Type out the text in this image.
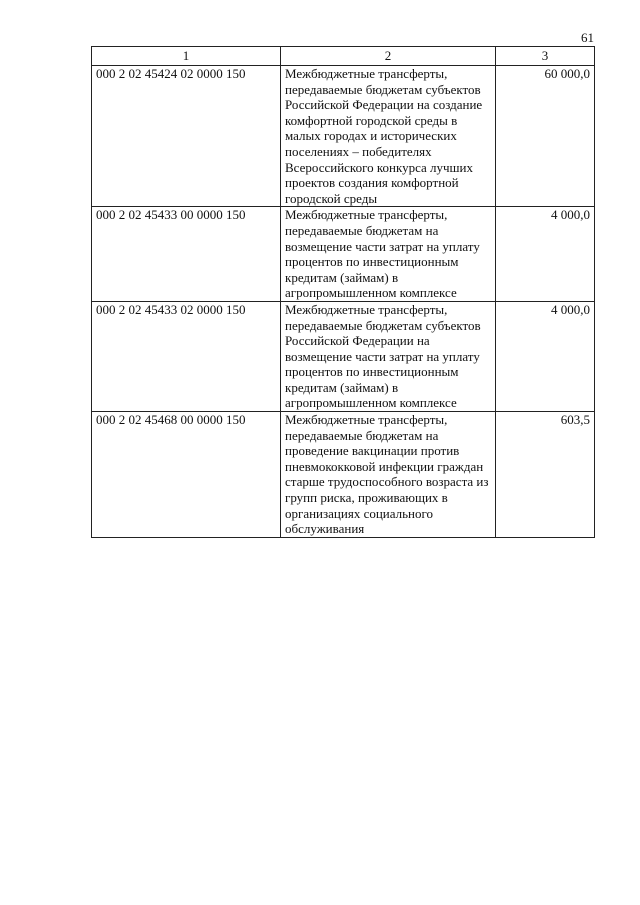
61
1	2	3
000 2 02 45424 02 0000 150	Межбюджетные трансферты, передаваемые бюджетам субъектов Российской Федерации на создание комфортной городской среды в малых городах и исторических поселениях – победителях Всероссийского конкурса лучших проектов создания комфортной городской среды	60 000,0
000 2 02 45433 00 0000 150	Межбюджетные трансферты, передаваемые бюджетам на возмещение части затрат на уплату процентов по инвестиционным кредитам (займам) в агропромышленном комплексе	4 000,0
000 2 02 45433 02 0000 150	Межбюджетные трансферты, передаваемые бюджетам субъектов Российской Федерации на возмещение части затрат на уплату процентов по инвестиционным кредитам (займам) в агропромышленном комплексе	4 000,0
000 2 02 45468 00 0000 150	Межбюджетные трансферты, передаваемые бюджетам на проведение вакцинации против пневмококковой инфекции граждан старше трудоспособного возраста из групп риска, проживающих в организациях социального обслуживания	603,5
